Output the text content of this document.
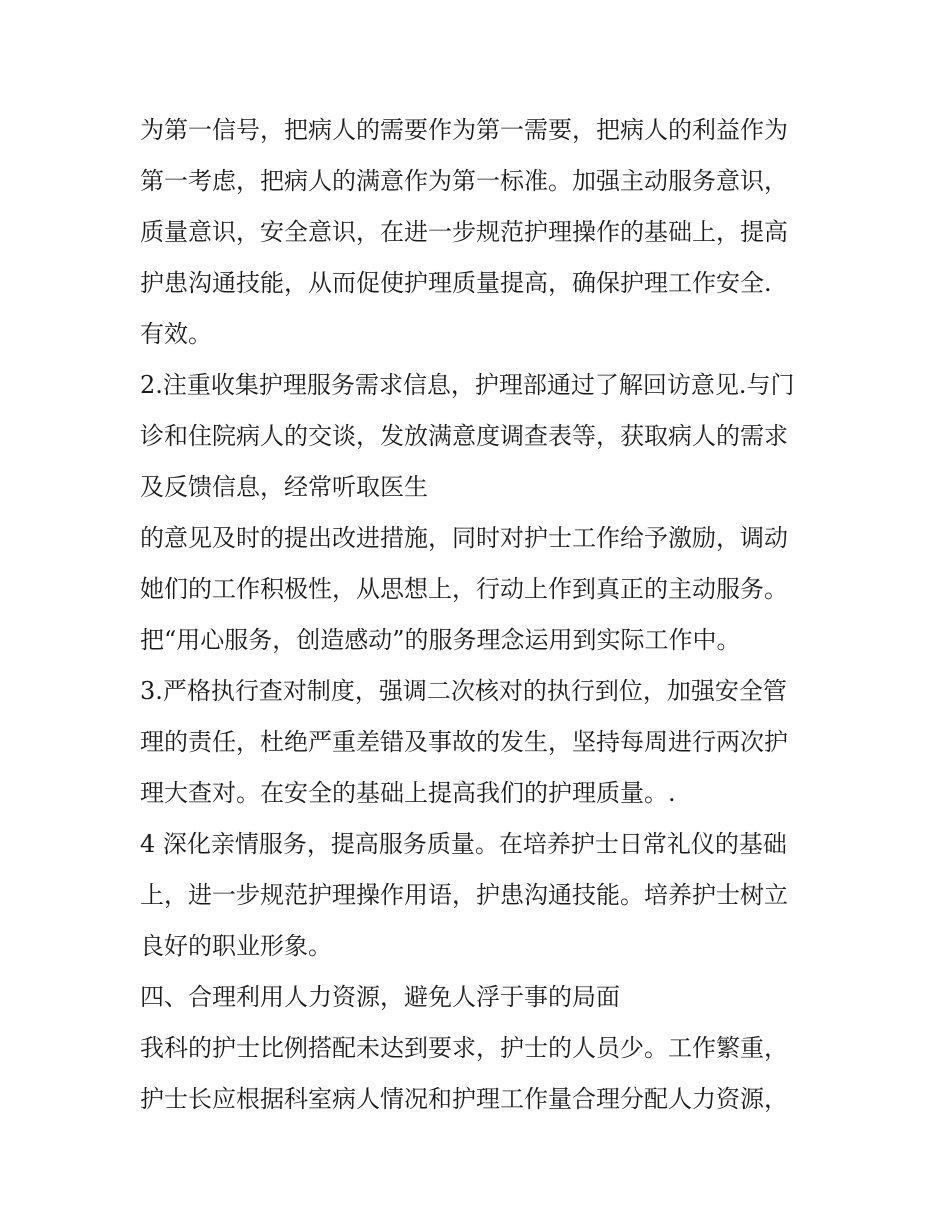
为第一信号，把病人的需要作为第一需要，把病人的利益作为
第一考虑，把病人的满意作为第一标准。加强主动服务意识，
质量意识，安全意识，在进一步规范护理操作的基础上，提高
护患沟通技能，从而促使护理质量提高，确保护理工作安全.
有效。
2.注重收集护理服务需求信息，护理部通过了解回访意见.与门
诊和住院病人的交谈，发放满意度调查表等，获取病人的需求
及反馈信息，经常听取医生
的意见及时的提出改进措施，同时对护士工作给予激励，调动
她们的工作积极性，从思想上，行动上作到真正的主动服务。
把“用心服务，创造感动”的服务理念运用到实际工作中。
3.严格执行查对制度，强调二次核对的执行到位，加强安全管
理的责任，杜绝严重差错及事故的发生，坚持每周进行两次护
理大查对。在安全的基础上提高我们的护理质量。.
4 深化亲情服务，提高服务质量。在培养护士日常礼仪的基础
上，进一步规范护理操作用语，护患沟通技能。培养护士树立
良好的职业形象。
四、合理利用人力资源，避免人浮于事的局面
我科的护士比例搭配未达到要求，护士的人员少。工作繁重，
护士长应根据科室病人情况和护理工作量合理分配人力资源，
